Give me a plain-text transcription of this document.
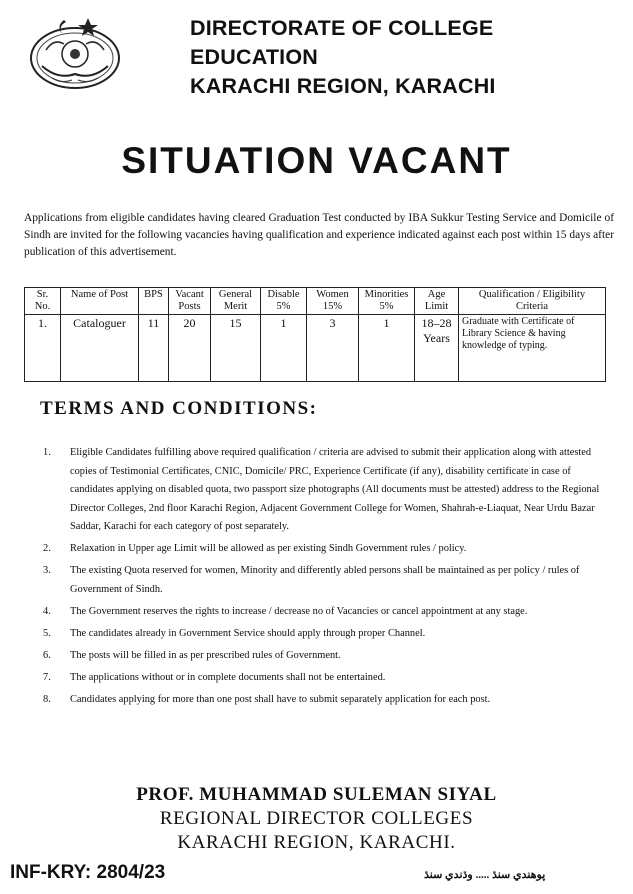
DIRECTORATE OF COLLEGE
EDUCATION
KARACHI REGION, KARACHI
SITUATION VACANT
Applications from eligible candidates having cleared Graduation Test conducted by IBA Sukkur Testing Service and Domicile of Sindh are invited for the following vacancies having qualification and experience indicated against each post within 15 days after publication of this advertisement.
Sr. No.	Name of Post	BPS	Vacant Posts	General Merit	Disable 5%	Women 15%	Minorities 5%	Age Limit	Qualification / Eligibility Criteria
1.	Cataloguer	11	20	15	1	3	1	18–28 Years	Graduate with Certificate of Library Science & having knowledge of typing.
TERMS AND CONDITIONS:
1. Eligible Candidates fulfilling above required qualification / criteria are advised to submit their application along with attested copies of Testimonial Certificates, CNIC, Domicile/ PRC, Experience Certificate (if any), disability certificate in case of candidates applying on disabled quota, two passport size photographs (All documents must be attested) address to the Regional Director Colleges, 2nd floor Karachi Region, Adjacent Government College for Women, Shahrah-e-Liaquat, Near Urdu Bazar Saddar, Karachi for each category of post separately.
2. Relaxation in Upper age Limit will be allowed as per existing Sindh Government rules / policy.
3. The existing Quota reserved for women, Minority and differently abled persons shall be maintained as per policy / rules of Government of Sindh.
4. The Government reserves the rights to increase / decrease no of Vacancies or cancel appointment at any stage.
5. The candidates already in Government Service should apply through proper Channel.
6. The posts will be filled in as per prescribed rules of Government.
7. The applications without or in complete documents shall not be entertained.
8. Candidates applying for more than one post shall have to submit separately application for each post.
PROF. MUHAMMAD SULEMAN SIYAL
REGIONAL DIRECTOR COLLEGES
KARACHI REGION, KARACHI.
INF-KRY: 2804/23	پوهندي سنڌ ..... وڌندي سنڌ
